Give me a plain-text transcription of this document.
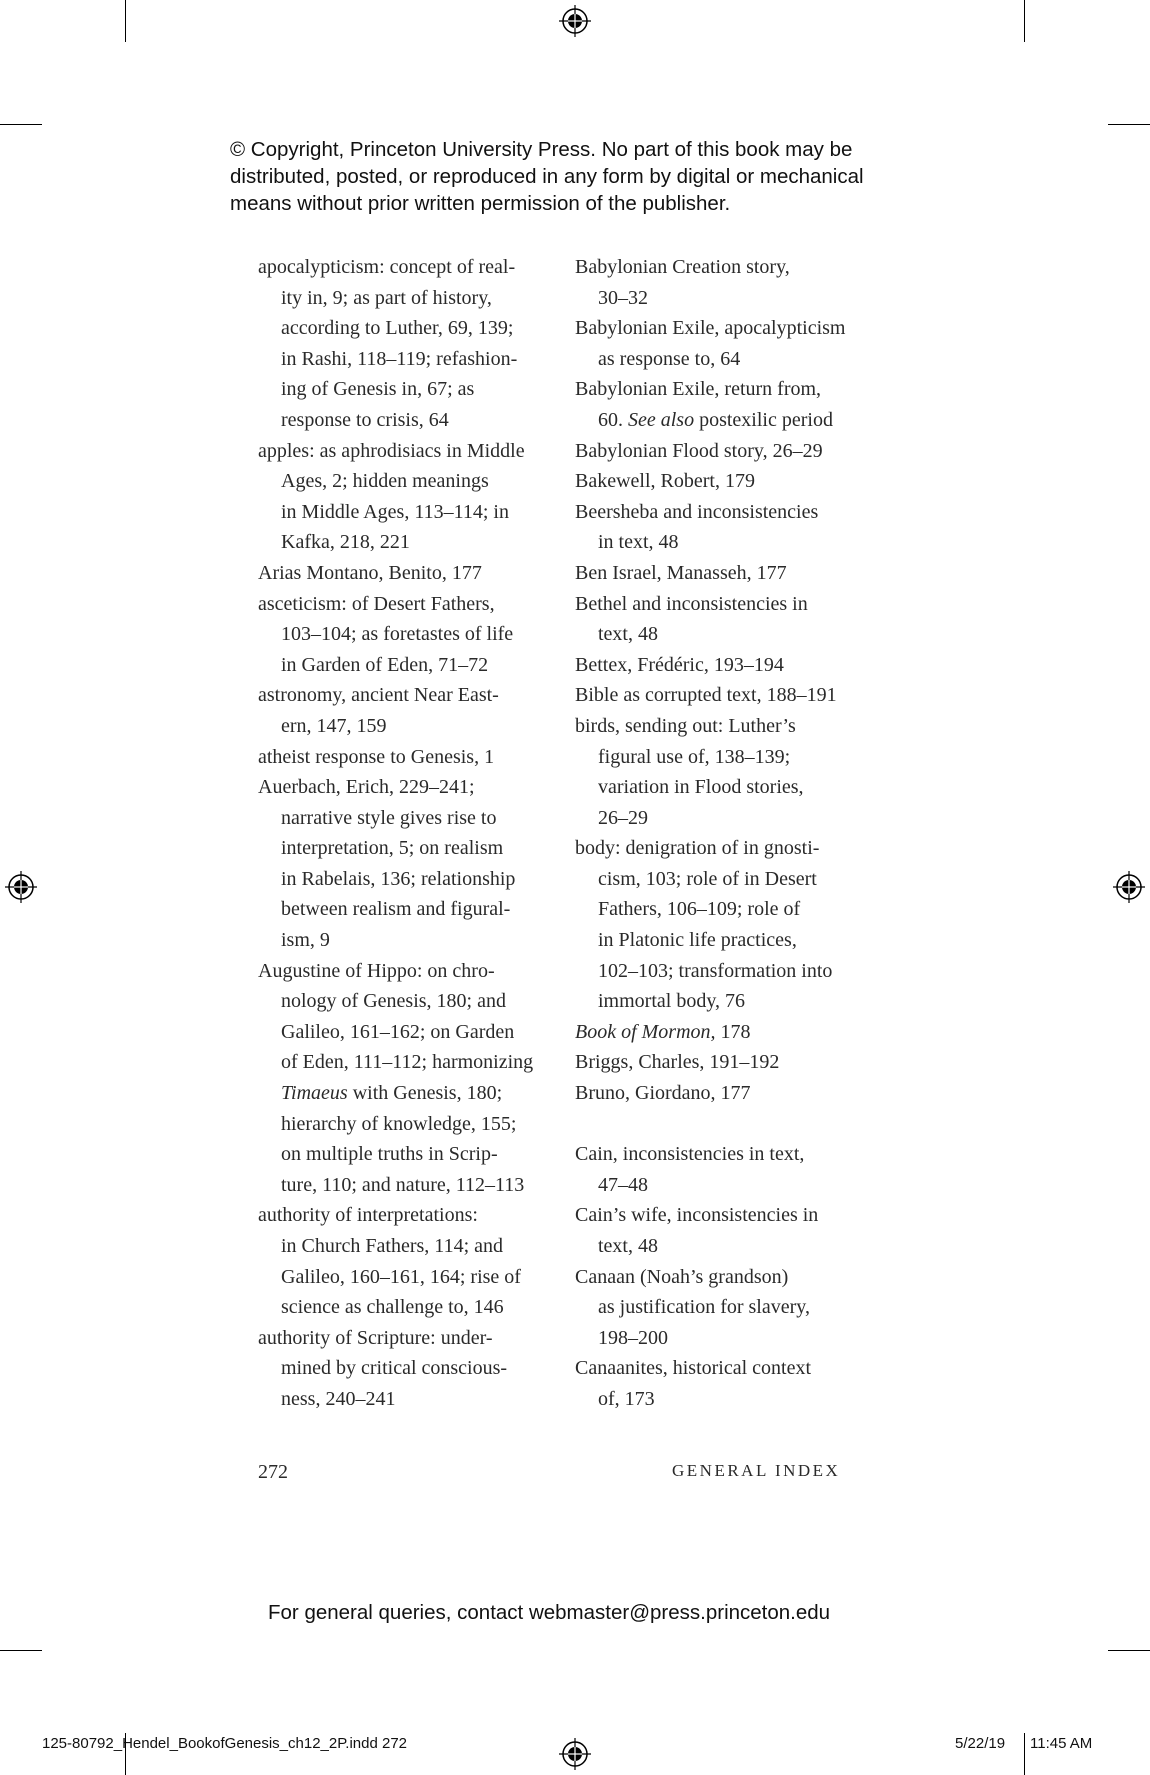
© Copyright, Princeton University Press. No part of this book may be
distributed, posted, or reproduced in any form by digital or mechanical
means without prior written permission of the publisher.
apocalypticism: concept of real-
ity in, 9; as part of history,
according to Luther, 69, 139;
in Rashi, 118–119; refashion-
ing of Genesis in, 67; as
response to crisis, 64
apples: as aphrodisiacs in Middle
Ages, 2; hidden meanings
in Middle Ages, 113–114; in
Kafka, 218, 221
Arias Montano, Benito, 177
asceticism: of Desert Fathers,
103–104; as foretastes of life
in Garden of Eden, 71–72
astronomy, ancient Near East-
ern, 147, 159
atheist response to Genesis, 1
Auerbach, Erich, 229–241;
narrative style gives rise to
interpretation, 5; on realism
in Rabelais, 136; relationship
between realism and figural-
ism, 9
Augustine of Hippo: on chro-
nology of Genesis, 180; and
Galileo, 161–162; on Garden
of Eden, 111–112; harmonizing
Timaeus with Genesis, 180;
hierarchy of knowledge, 155;
on multiple truths in Scrip-
ture, 110; and nature, 112–113
authority of interpretations:
in Church Fathers, 114; and
Galileo, 160–161, 164; rise of
science as challenge to, 146
authority of Scripture: under-
mined by critical conscious-
ness, 240–241
Babylonian Creation story,
30–32
Babylonian Exile, apocalypticism
as response to, 64
Babylonian Exile, return from,
60. See also postexilic period
Babylonian Flood story, 26–29
Bakewell, Robert, 179
Beersheba and inconsistencies
in text, 48
Ben Israel, Manasseh, 177
Bethel and inconsistencies in
text, 48
Bettex, Frédéric, 193–194
Bible as corrupted text, 188–191
birds, sending out: Luther’s
figural use of, 138–139;
variation in Flood stories,
26–29
body: denigration of in gnosti-
cism, 103; role of in Desert
Fathers, 106–109; role of
in Platonic life practices,
102–103; transformation into
immortal body, 76
Book of Mormon, 178
Briggs, Charles, 191–192
Bruno, Giordano, 177
Cain, inconsistencies in text,
47–48
Cain’s wife, inconsistencies in
text, 48
Canaan (Noah’s grandson)
as justification for slavery,
198–200
Canaanites, historical context
of, 173
272	GENERAL INDEX
For general queries, contact webmaster@press.princeton.edu
125-80792_Hendel_BookofGenesis_ch12_2P.indd 272	5/22/19 11:45 AM
